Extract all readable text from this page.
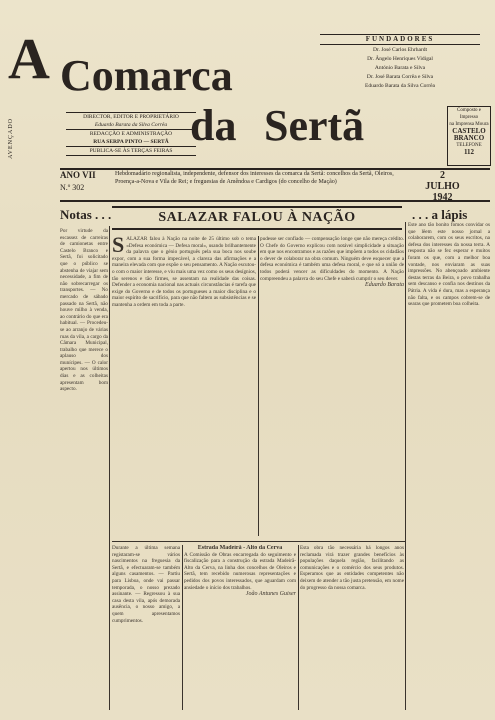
A Comarca
da Sertã
FUNDADORES
Dr. José Carlos Ehrhardt
Dr. Ângelo Henriques Vidigal
António Barata e Silva
Dr. José Barata Corrêa e Silva
Eduardo Barata da Silva Corrêa
Composto e Impresso
na Imprensa Moura
CASTELO
BRANCO
TELEFONE
112
DIRECTOR, EDITOR E PROPRIETÁRIO
Eduardo Barata da Silva Corrêa
REDACÇÃO E ADMINISTRAÇÃO
RUA SERPA PINTO — SERTÃ
PUBLICA-SE ÀS TERÇAS FEIRAS
AVENÇADO
ANO VII
N.º 302
Hebdomadário regionalista, independente, defensor dos interesses da comarca da Sertã: concelhos da Sertã, Oleiros, Proença-a-Nova e Vila de Rei; e freguesias de Amêndoa e Cardigos (do concelho de Mação)
2
JULHO
1942
Notas . . .	SALAZAR FALOU À NAÇÃO	. . . a lápis
Por virtude da escassez de carreiras de camionetas entre Castelo Branco e Sertã, foi solicitado que o público se abstenha de viajar sem necessidade, a fim de não sobrecarregar os transportes. — No mercado de sábado passado na Sertã, não houve milho à venda, ao contrário do que era habitual. — Procedeu-se ao arranjo de várias ruas da vila, a cargo da Câmara Municipal, trabalho que merece o aplauso dos munícipes. — O calor apertou nos últimos dias e as colheitas apresentam bom aspecto.
S ALAZAR falou à Nação na noite de 25 último sob o tema «Defesa económica — Defesa moral», usando brilhantemente da palavra que o génio português pela sua boca nos soube expor, com a sua forma impecável, a clareza das afirmações e a maneira elevada com que expõe o seu pensamento. A Nação escutou-o com o maior interesse, e viu mais uma vez como os seus desígnios, tão serenos e tão firmes, se assentam na realidade das coisas. Defender a economia nacional nas actuais circunstâncias é tarefa que exige do Governo e de todos os portugueses a maior disciplina e o maior espírito de sacrifício, para que não faltem as subsistências e se mantenha a ordem em toda a parte.
pudesse ser confiado — compensação longe que não mereça crédito. O Chefe do Governo explicou com notável simplicidade a situação em que nos encontramos e as razões que impõem a todos os cidadãos o dever de colaborar na obra comum. Ninguém deve esquecer que a defesa económica é também uma defesa moral, e que só a união de todos poderá vencer as dificuldades do momento. A Nação compreendeu a palavra do seu Chefe e saberá cumprir o seu dever.
Eduardo Barata
Este ano tão bonito fomos convidar os que lêem este nosso jornal a colaborarem, com os seus escritos, na defesa dos interesses da nossa terra. A resposta não se fez esperar e muitos foram os que, com a melhor boa vontade, nos enviaram as suas impressões. No abençoado ambiente destas terras da Beira, o povo trabalha sem descanso e confia nos destinos da Pátria. A vida é dura, mas a esperança não falta, e os campos cobrem-se de searas que prometem boa colheita.
Durante a última semana registaram-se vários nascimentos na freguesia da Sertã, e efectuaram-se também alguns casamentos. — Partiu para Lisboa, onde vai passar temporada, o nosso prezado assinante. — Regressou à sua casa desta vila, após demorada ausência, o nosso amigo, a quem apresentamos cumprimentos.
Estrada Madeirã - Alto da Cerva
A Comissão de Obras encarregada do seguimento e fiscalização para a construção da estrada Madeirã-Alto da Cerva, na linha dos concelhos de Oleiros e Sertã, tem recebido numerosas representações e pedidos dos povos interessados, que aguardam com ansiedade o início dos trabalhos.
João Antunes Guiser
Esta obra tão necessária há longos anos reclamada virá trazer grandes benefícios às populações daquela região, facilitando as comunicações e o comércio dos seus produtos. Esperamos que as entidades competentes não deixem de atender a tão justa pretensão, em nome do progresso da nossa comarca.
